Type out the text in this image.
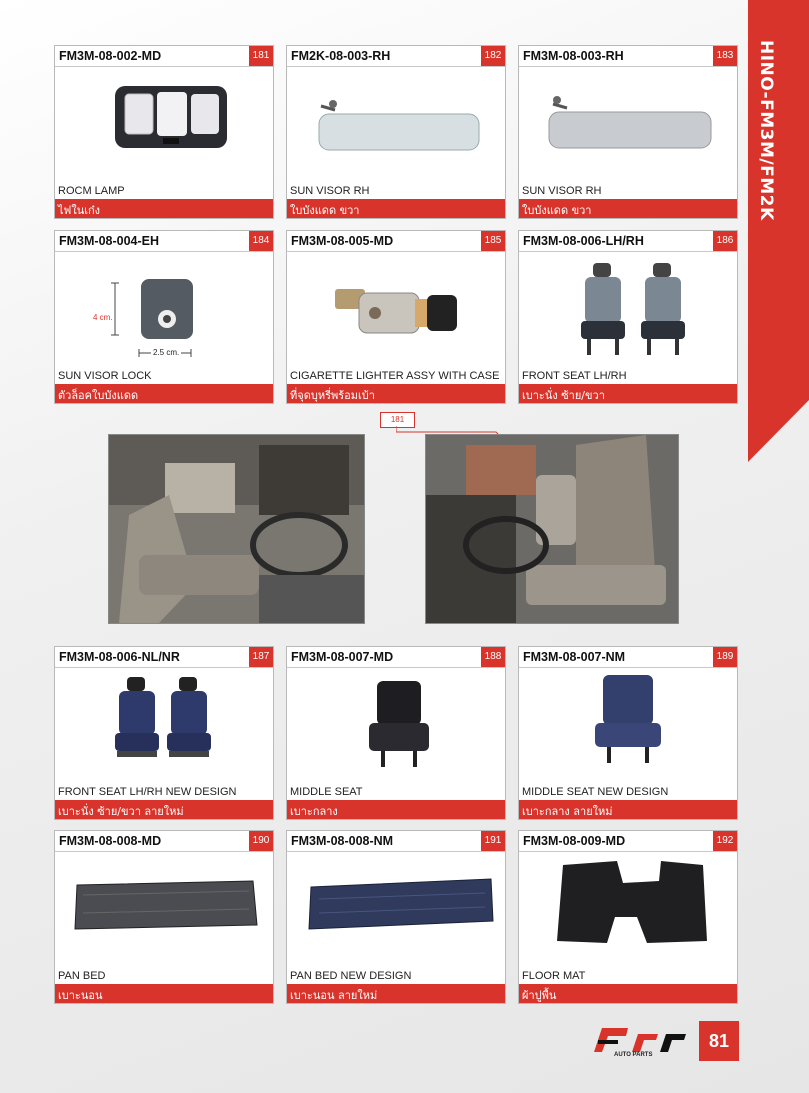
HINO-FM3M/FM2K
FM3M-08-002-MD	181
ROCM LAMP
ไฟในเก๋ง
FM2K-08-003-RH	182
SUN VISOR RH
ใบบังแดด ขวา
FM3M-08-003-RH	183
SUN VISOR RH
ใบบังแดด ขวา
FM3M-08-004-EH	184
4 cm.
2.5 cm.
SUN VISOR LOCK
ตัวล็อคใบบังแดด
FM3M-08-005-MD	185
CIGARETTE LIGHTER ASSY WITH CASE
ที่จุดบุหรี่พร้อมเบ้า
FM3M-08-006-LH/RH	186
FRONT SEAT LH/RH
เบาะนั่ง ซ้าย/ขวา
181
FM3M-08-006-NL/NR	187
FRONT SEAT LH/RH NEW DESIGN
เบาะนั่ง ซ้าย/ขวา ลายใหม่
FM3M-08-007-MD	188
MIDDLE SEAT
เบาะกลาง
FM3M-08-007-NM	189
MIDDLE SEAT NEW DESIGN
เบาะกลาง ลายใหม่
FM3M-08-008-MD	190
PAN BED
เบาะนอน
FM3M-08-008-NM	191
PAN BED NEW DESIGN
เบาะนอน ลายใหม่
FM3M-08-009-MD	192
FLOOR MAT
ผ้าปูพื้น
AUTO PARTS
81
